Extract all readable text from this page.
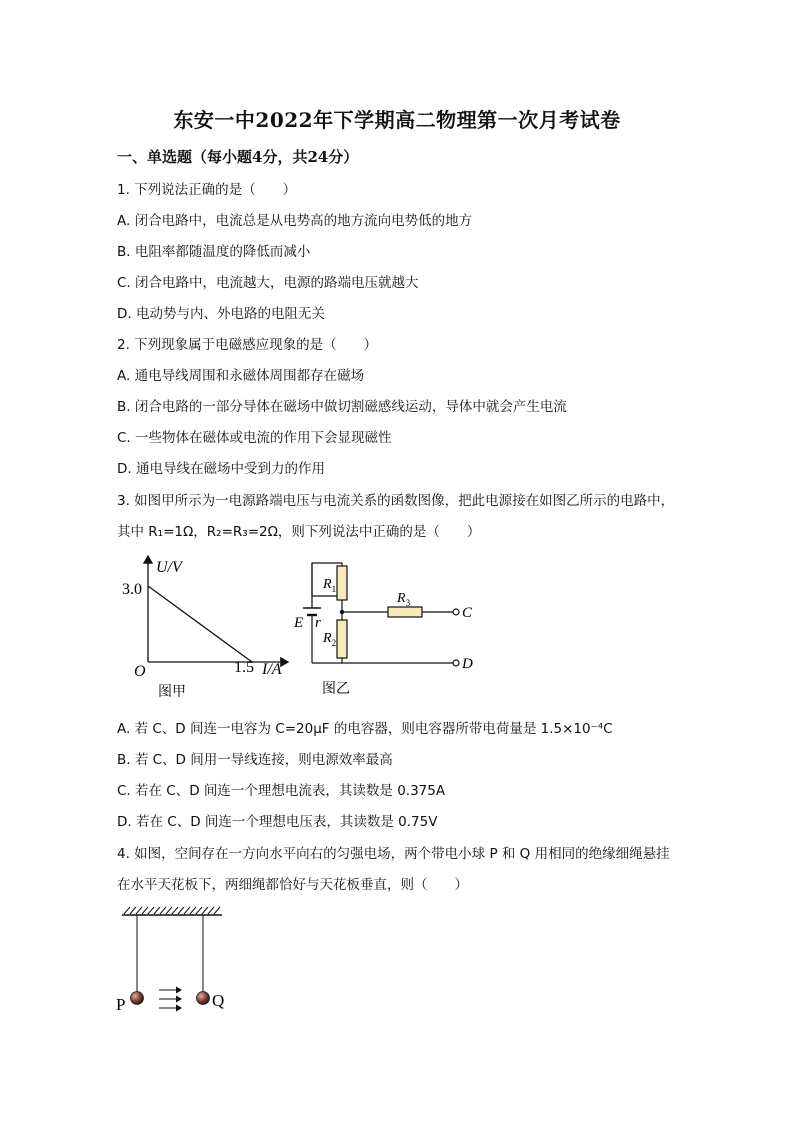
东安一中2022年下学期高二物理第一次月考试卷
一、单选题（每小题4分，共24分）
1. 下列说法正确的是（　　）
A. 闭合电路中，电流总是从电势高的地方流向电势低的地方
B. 电阻率都随温度的降低而减小
C. 闭合电路中，电流越大，电源的路端电压就越大
D. 电动势与内、外电路的电阻无关
2. 下列现象属于电磁感应现象的是（　　）
A. 通电导线周围和永磁体周围都存在磁场
B. 闭合电路的一部分导体在磁场中做切割磁感线运动，导体中就会产生电流
C. 一些物体在磁体或电流的作用下会显现磁性
D. 通电导线在磁场中受到力的作用
3. 如图甲所示为一电源路端电压与电流关系的函数图像，把此电源接在如图乙所示的电路中，
其中 R₁=1Ω，R₂=R₃=2Ω，则下列说法中正确的是（　　）
U/V
3.0
O	1.5 I/A
图甲
$R_1$
$R_2$
$R_3$
E r
C
D
图乙
A. 若 C、D 间连一电容为 C=20μF 的电容器，则电容器所带电荷量是 1.5×10⁻⁴C
B. 若 C、D 间用一导线连接，则电源效率最高
C. 若在 C、D 间连一个理想电流表，其读数是 0.375A
D. 若在 C、D 间连一个理想电压表，其读数是 0.75V
4. 如图，空间存在一方向水平向右的匀强电场，两个带电小球 P 和 Q 用相同的绝缘细绳悬挂
在水平天花板下，两细绳都恰好与天花板垂直，则（　　）
P	Q
